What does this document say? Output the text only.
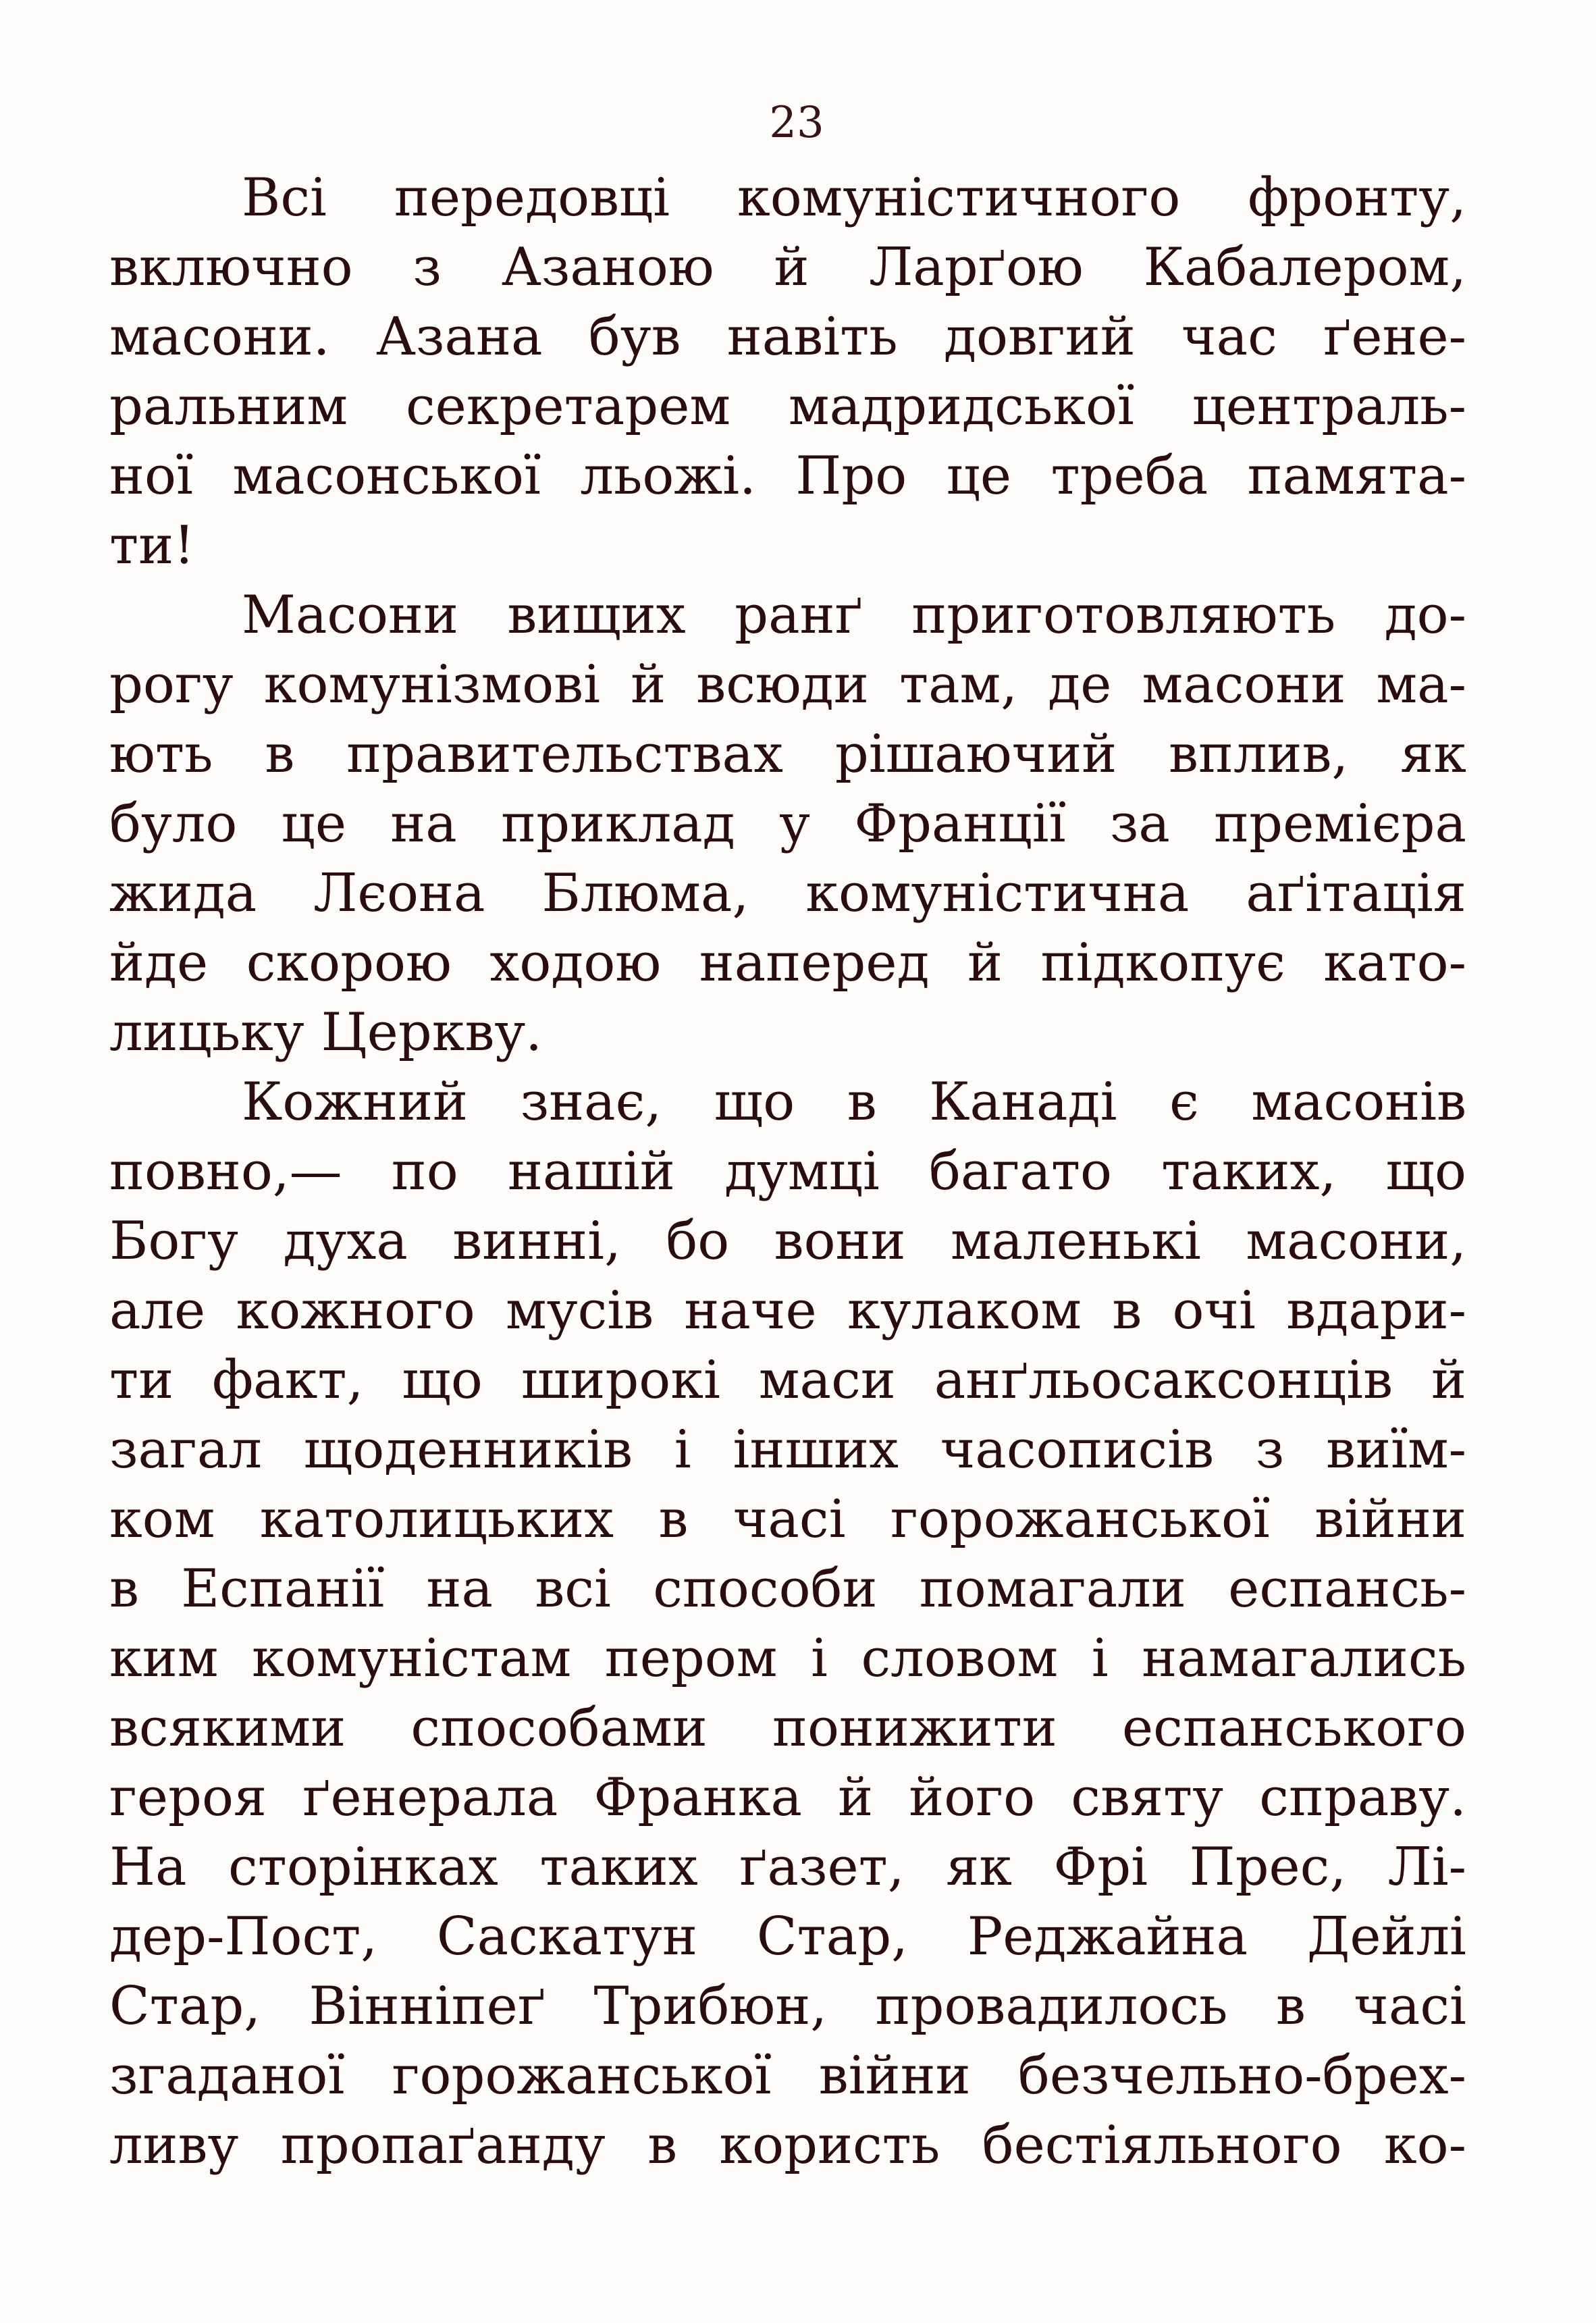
23
Всі передовці комуністичного фронту,
включно з Азаною й Ларґою Кабалером,
масони. Азана був навіть довгий час ґене-
ральним секретарем мадридської централь-
ної масонської льожі. Про це треба памята-
ти!
Масони вищих ранґ приготовляють до-
рогу комунізмові й всюди там, де масони ма-
ють в правительствах рішаючий вплив, як
було це на приклад у Франції за премієра
жида Лєона Блюма, комуністична аґітація
йде скорою ходою наперед й підкопує като-
лицьку Церкву.
Кожний знає, що в Канаді є масонів
повно,— по нашій думці багато таких, що
Богу духа винні, бо вони маленькі масони,
але кожного мусів наче кулаком в очі вдари-
ти факт, що широкі маси анґльосаксонців й
загал щоденників і інших часописів з виїм-
ком католицьких в часі горожанської війни
в Еспанії на всі способи помагали еспансь-
ким комуністам пером і словом і намагались
всякими способами понижити еспанського
героя ґенерала Франка й його святу справу.
На сторінках таких ґазет, як Фрі Прес, Лі-
дер-Пост, Саскатун Стар, Реджайна Дейлі
Стар, Вінніпеґ Трибюн, провадилось в часі
згаданої горожанської війни безчельно-брех-
ливу пропаґанду в користь бестіяльного ко-
